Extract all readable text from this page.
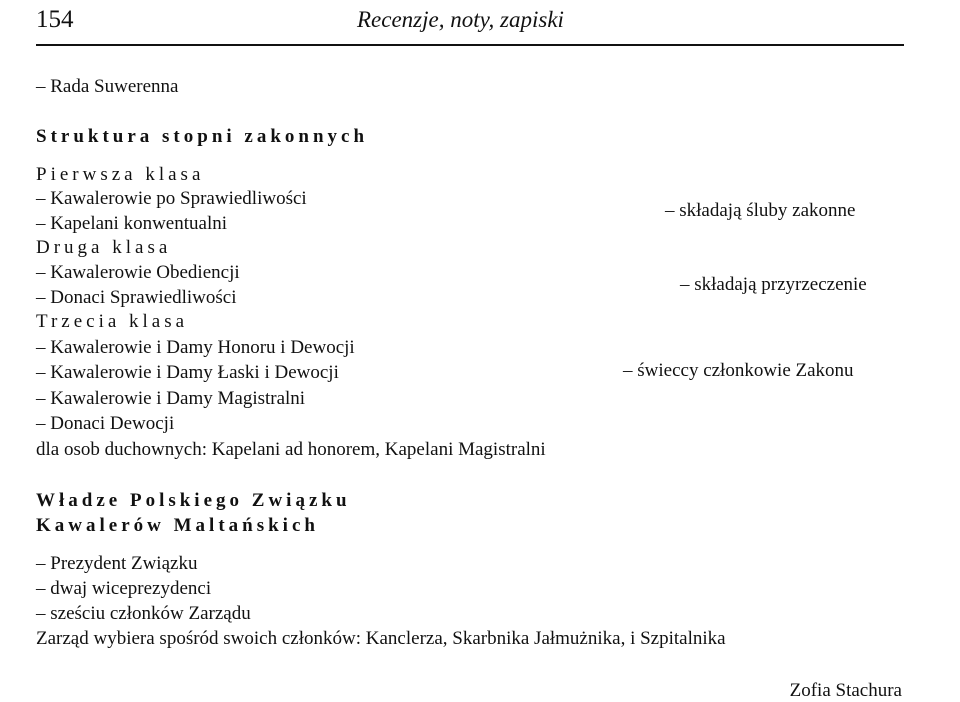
154	Recenzje, noty, zapiski
– Rada Suwerenna
Struktura stopni zakonnych
Pierwsza klasa
– Kawalerowie po Sprawiedliwości
– Kapelani konwentualni
– składają śluby zakonne
Druga klasa
– Kawalerowie Obediencji
– Donaci Sprawiedliwości
– składają przyrzeczenie
Trzecia klasa
– Kawalerowie i Damy Honoru i Dewocji
– Kawalerowie i Damy Łaski i Dewocji
– Kawalerowie i Damy Magistralni
– Donaci Dewocji
– świeccy członkowie Zakonu
dla osob duchownych: Kapelani ad honorem, Kapelani Magistralni
Władze Polskiego Związku
Kawalerów Maltańskich
– Prezydent Związku
– dwaj wiceprezydenci
– sześciu członków Zarządu
Zarząd wybiera spośród swoich członków: Kanclerza, Skarbnika Jałmużnika, i Szpitalnika
Zofia Stachura
